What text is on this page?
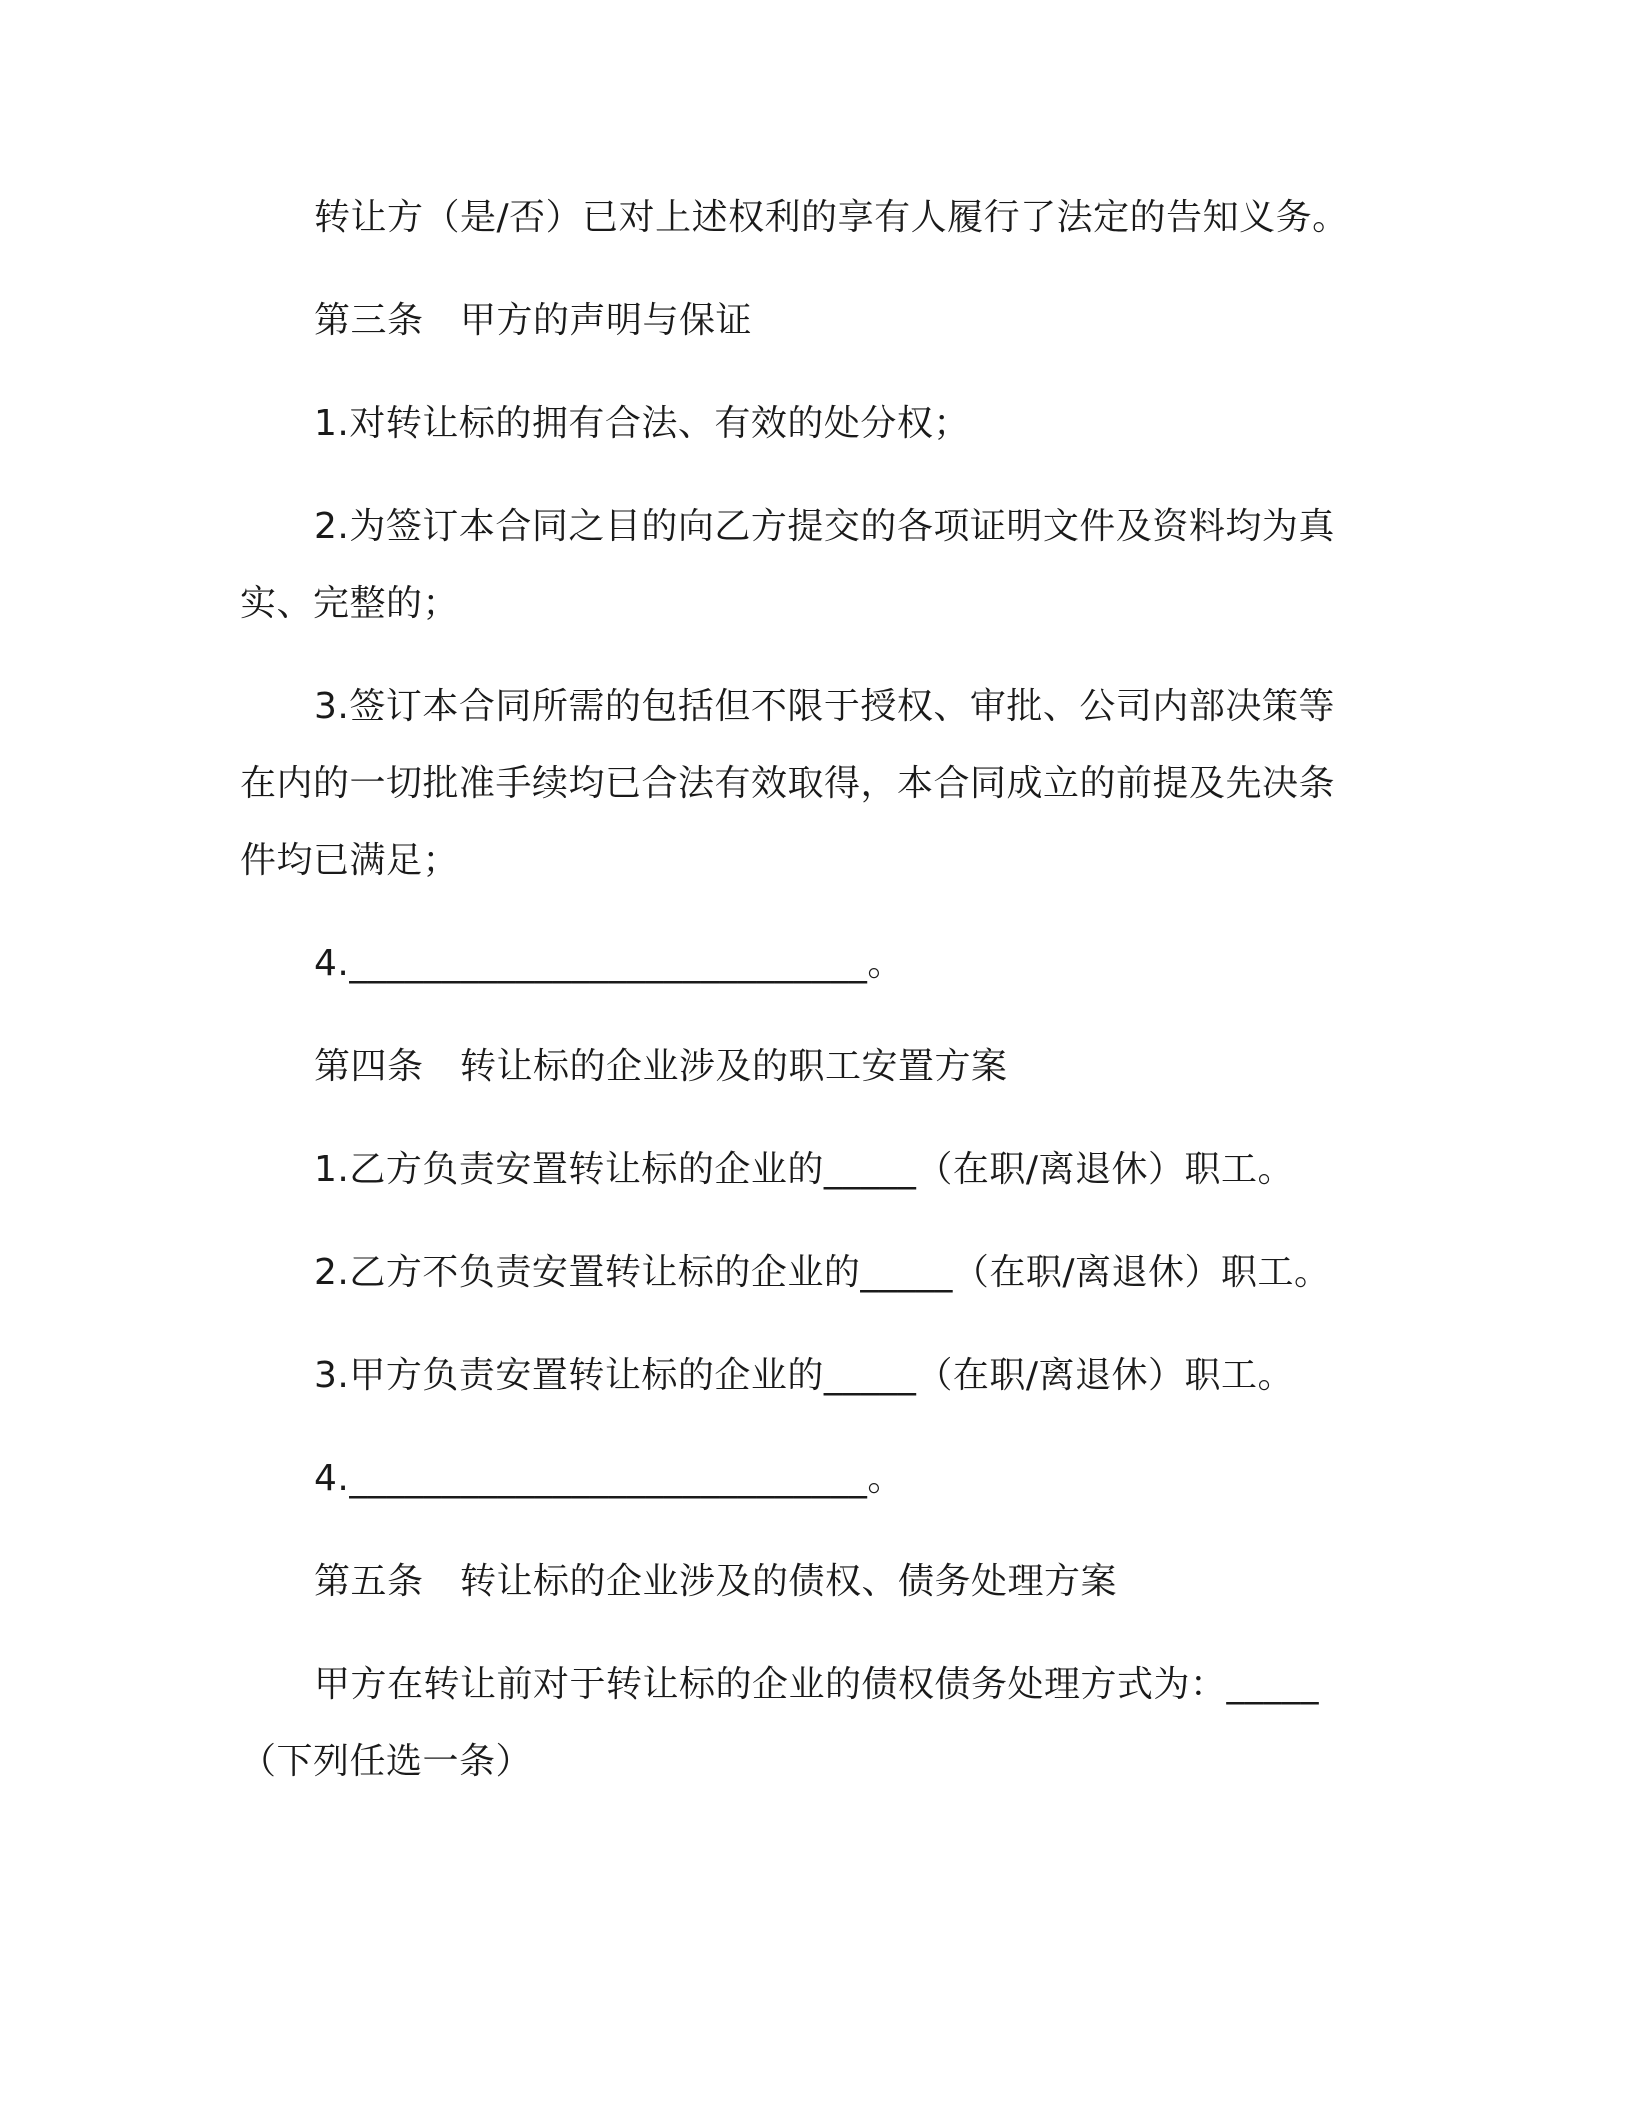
转让方（是/否）已对上述权利的享有人履行了法定的告知义务。
第三条　甲方的声明与保证
1.对转让标的拥有合法、有效的处分权；
2.为签订本合同之目的向乙方提交的各项证明文件及资料均为真
实、完整的；
3.签订本合同所需的包括但不限于授权、审批、公司内部决策等
在内的一切批准手续均已合法有效取得，本合同成立的前提及先决条
件均已满足；
4.____________________________。
第四条　转让标的企业涉及的职工安置方案
1.乙方负责安置转让标的企业的_____（在职/离退休）职工。
2.乙方不负责安置转让标的企业的_____（在职/离退休）职工。
3.甲方负责安置转让标的企业的_____（在职/离退休）职工。
4.____________________________。
第五条　转让标的企业涉及的债权、债务处理方案
甲方在转让前对于转让标的企业的债权债务处理方式为：_____
（下列任选一条）
